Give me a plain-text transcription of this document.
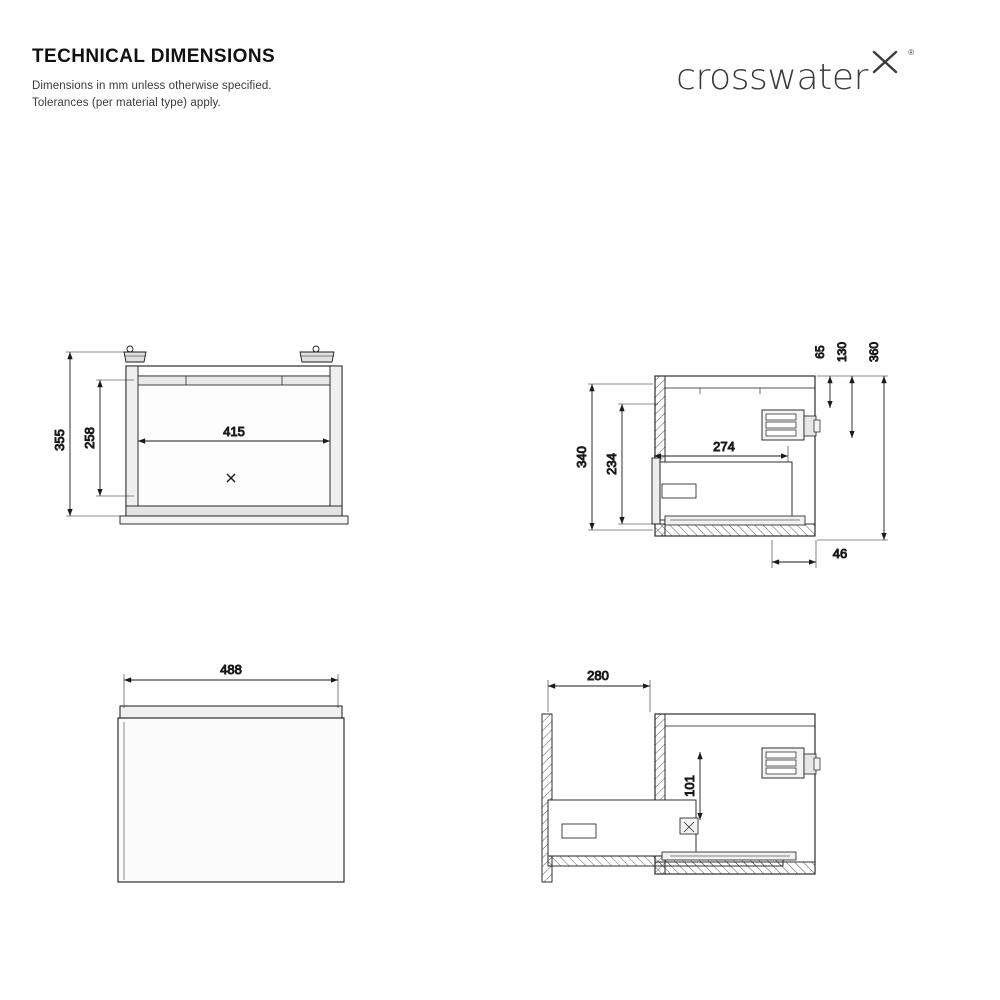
TECHNICAL DIMENSIONS

Dimensions in mm unless otherwise specified.

Tolerances (per material type) apply.

crosswater
®
355 258	415
340 234
274
65 130 360
46
488	280
101
